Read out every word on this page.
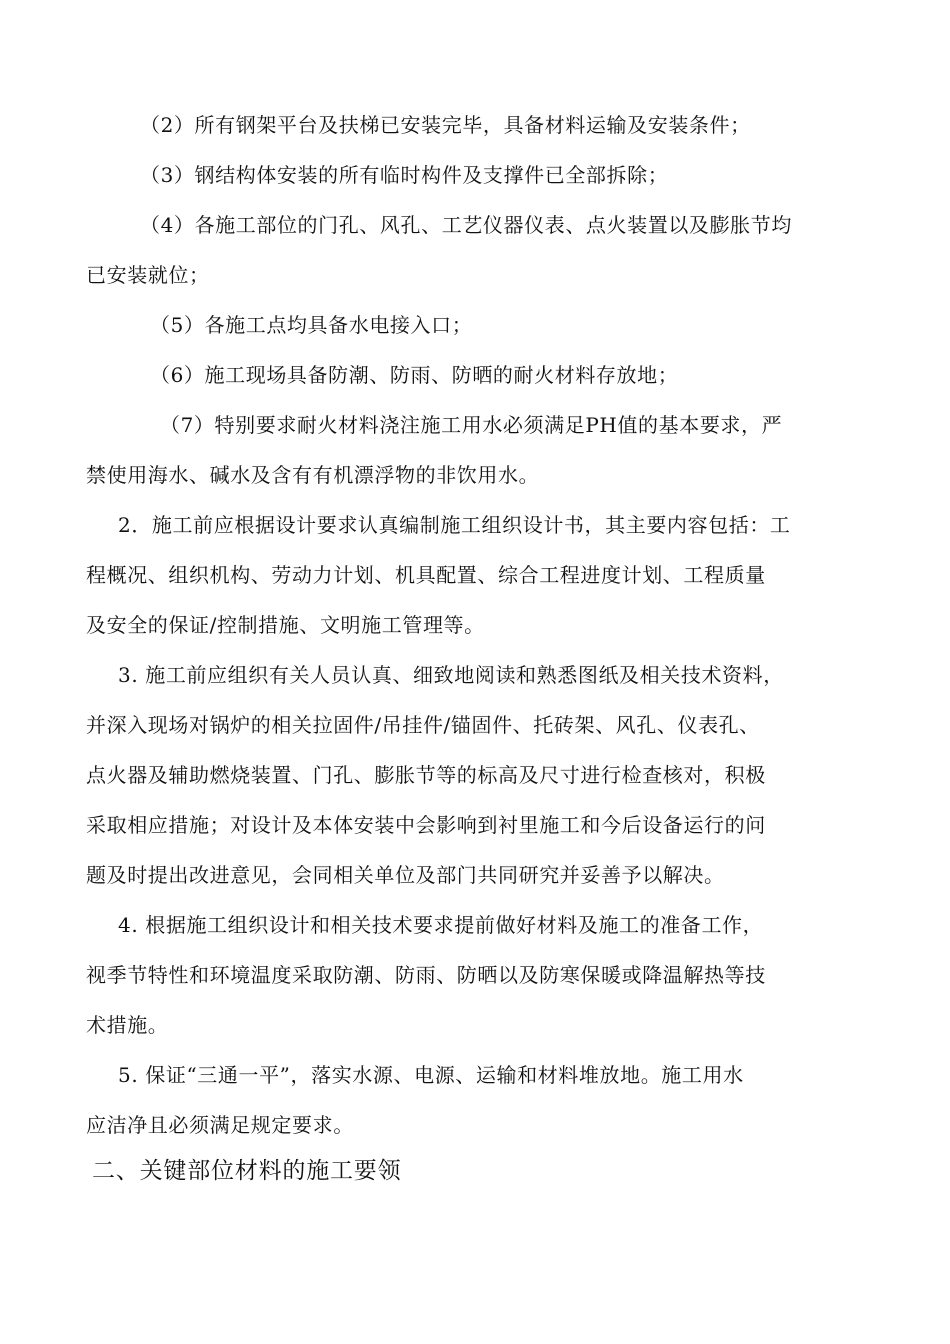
（2）所有钢架平台及扶梯已安装完毕，具备材料运输及安装条件；
（3）钢结构体安装的所有临时构件及支撑件已全部拆除；
（4）各施工部位的门孔、风孔、工艺仪器仪表、点火装置以及膨胀节均
已安装就位；
（5）各施工点均具备水电接入口；
（6）施工现场具备防潮、防雨、防晒的耐火材料存放地；
（7）特别要求耐火材料浇注施工用水必须满足PH值的基本要求，严
禁使用海水、碱水及含有有机漂浮物的非饮用水。
2．施工前应根据设计要求认真编制施工组织设计书，其主要内容包括：工
程概况、组织机构、劳动力计划、机具配置、综合工程进度计划、工程质量
及安全的保证/控制措施、文明施工管理等。
3. 施工前应组织有关人员认真、细致地阅读和熟悉图纸及相关技术资料，
并深入现场对锅炉的相关拉固件/吊挂件/锚固件、托砖架、风孔、仪表孔、
点火器及辅助燃烧装置、门孔、膨胀节等的标高及尺寸进行检查核对，积极
采取相应措施；对设计及本体安装中会影响到衬里施工和今后设备运行的问
题及时提出改进意见，会同相关单位及部门共同研究并妥善予以解决。
4. 根据施工组织设计和相关技术要求提前做好材料及施工的准备工作，
视季节特性和环境温度采取防潮、防雨、防晒以及防寒保暖或降温解热等技
术措施。
5. 保证“三通一平”，落实水源、电源、运输和材料堆放地。施工用水
应洁净且必须满足规定要求。
二、关键部位材料的施工要领
